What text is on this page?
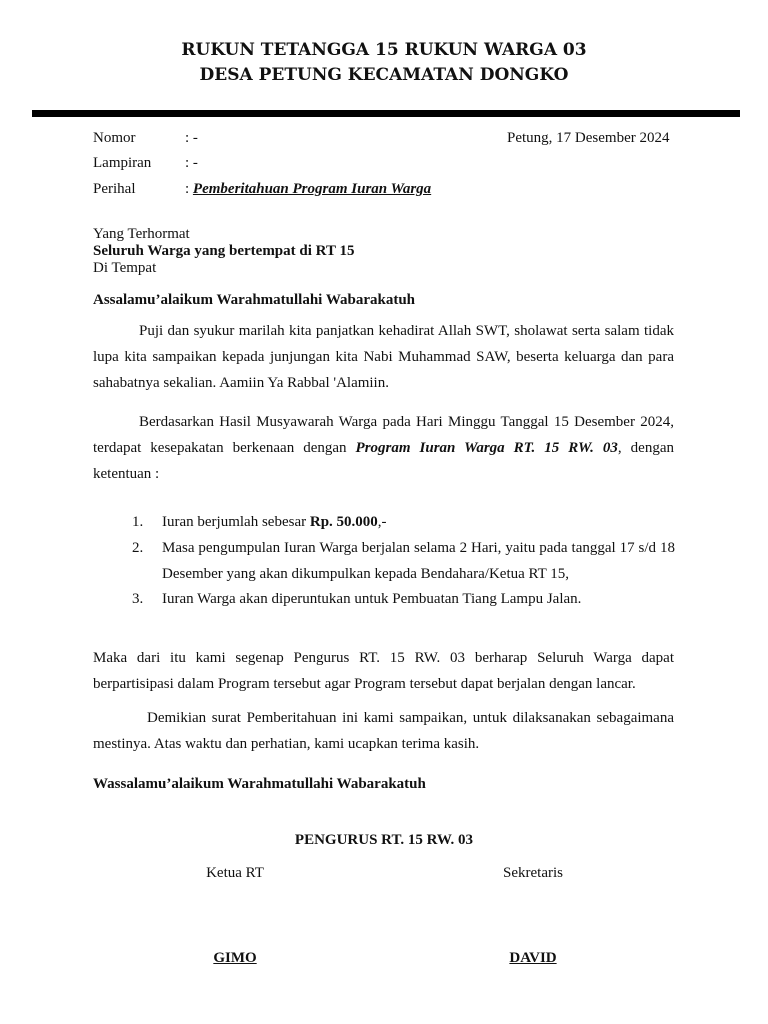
RUKUN TETANGGA 15 RUKUN WARGA 03
DESA PETUNG KECAMATAN DONGKO
Nomor	: -	Petung, 17 Desember 2024
Lampiran : -
Perihal	: Pemberitahuan Program Iuran Warga
Yang Terhormat
Seluruh Warga yang bertempat di RT 15
Di Tempat
Assalamu’alaikum Warahmatullahi Wabarakatuh
Puji dan syukur marilah kita panjatkan kehadirat Allah SWT, sholawat serta salam tidak lupa kita sampaikan kepada junjungan kita Nabi Muhammad SAW, beserta keluarga dan para sahabatnya sekalian. Aamiin Ya Rabbal 'Alamiin.
Berdasarkan Hasil Musyawarah Warga pada Hari Minggu Tanggal 15 Desember 2024, terdapat kesepakatan berkenaan dengan Program Iuran Warga RT. 15 RW. 03, dengan ketentuan :
1.	Iuran berjumlah sebesar Rp. 50.000,-
2.	Masa pengumpulan Iuran Warga berjalan selama 2 Hari, yaitu pada tanggal 17 s/d 18 Desember yang akan dikumpulkan kepada Bendahara/Ketua RT 15,
3.	Iuran Warga akan diperuntukan untuk Pembuatan Tiang Lampu Jalan.
Maka dari itu kami segenap Pengurus RT. 15 RW. 03 berharap Seluruh Warga dapat berpartisipasi dalam Program tersebut agar Program tersebut dapat berjalan dengan lancar.
Demikian surat Pemberitahuan ini kami sampaikan, untuk dilaksanakan sebagaimana mestinya. Atas waktu dan perhatian, kami ucapkan terima kasih.
Wassalamu’alaikum Warahmatullahi Wabarakatuh
PENGURUS RT. 15 RW. 03
Ketua RT	Sekretaris
GIMO	DAVID
